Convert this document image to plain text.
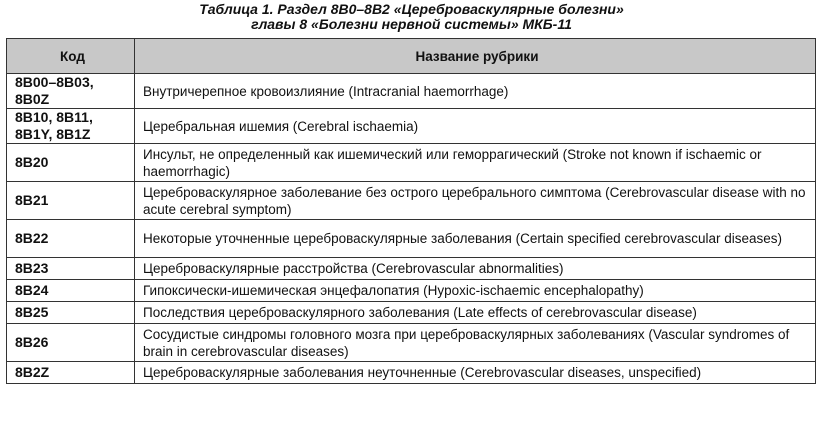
Таблица 1. Раздел 8В0–8В2 «Цереброваскулярные болезни»
главы 8 «Болезни нервной системы» МКБ-11
Код	Название рубрики
8B00–8B03, 8B0Z	Внутричерепное кровоизлияние (Intracranial haemorrhage)
8B10, 8B11, 8B1Y, 8B1Z	Церебральная ишемия (Cerebral ischaemia)
8B20	Инсульт, не определенный как ишемический или геморрагический (Stroke not known if ischaemic or haemorrhagic)
8B21	Цереброваскулярное заболевание без острого церебрального симптома (Cerebrovascular disease with no acute cerebral symptom)
8B22	Некоторые уточненные цереброваскулярные заболевания (Certain specified cerebrovascular diseases)
8B23	Цереброваскулярные расстройства (Cerebrovascular abnormalities)
8B24	Гипоксически-ишемическая энцефалопатия (Hypoxic-ischaemic encephalopathy)
8B25	Последствия цереброваскулярного заболевания (Late effects of cerebrovascular disease)
8B26	Сосудистые синдромы головного мозга при цереброваскулярных заболеваниях (Vascular syndromes of brain in cerebrovascular diseases)
8B2Z	Цереброваскулярные заболевания неуточненные (Cerebrovascular diseases, unspecified)
